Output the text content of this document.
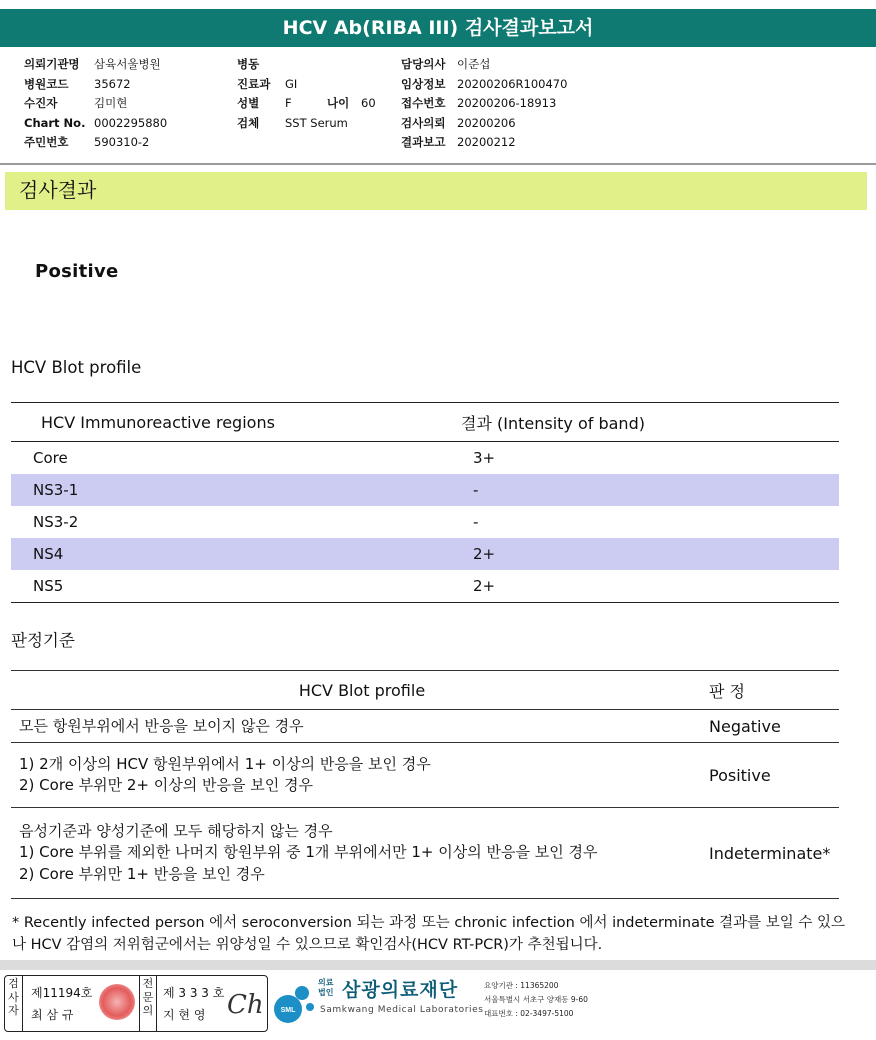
HCV Ab(RIBA III) 검사결과보고서
의뢰기관명 삼육서울병원
병원코드 35672
수진자	김미현
Chart No. 0002295880
주민번호 590310-2
병동
진료과 GI
성별 F	나이 60
검체 SST Serum
담당의사 이준섭
임상정보 20200206R100470
접수번호 20200206-18913
검사의뢰 20200206
결과보고 20200212
검사결과
Positive
HCV Blot profile
HCV Immunoreactive regions	결과 (Intensity of band)
Core	3+
NS3-1	-
NS3-2	-
NS4	2+
NS5	2+
판정기준
HCV Blot profile	판 정

모든 항원부위에서 반응을 보이지 않은 경우	Negative

1) 2개 이상의 HCV 항원부위에서 1+ 이상의 반응을 보인 경우
2) Core 부위만 2+ 이상의 반응을 보인 경우	Positive

음성기준과 양성기준에 모두 해당하지 않는 경우
1) Core 부위를 제외한 나머지 항원부위 중 1개 부위에서만 1+ 이상의 반응을 보인 경우
2) Core 부위만 1+ 반응을 보인 경우	Indeterminate*
* Recently infected person 에서 seroconversion 되는 과정 또는 chronic infection 에서 indeterminate 결과를 보일 수 있으나 HCV 감염의 저위험군에서는 위양성일 수 있으므로 확인검사(HCV RT-PCR)가 추천됩니다.
검사자
제11194호
최 삼 규
전문의
제 3 3 3 호
지 현 영 Ch SML
의료
법인 삼광의료재단
Samkwang Medical Laboratories
요양기관 : 11365200
서울특별시 서초구 양재동 9-60
대표번호 : 02-3497-5100
